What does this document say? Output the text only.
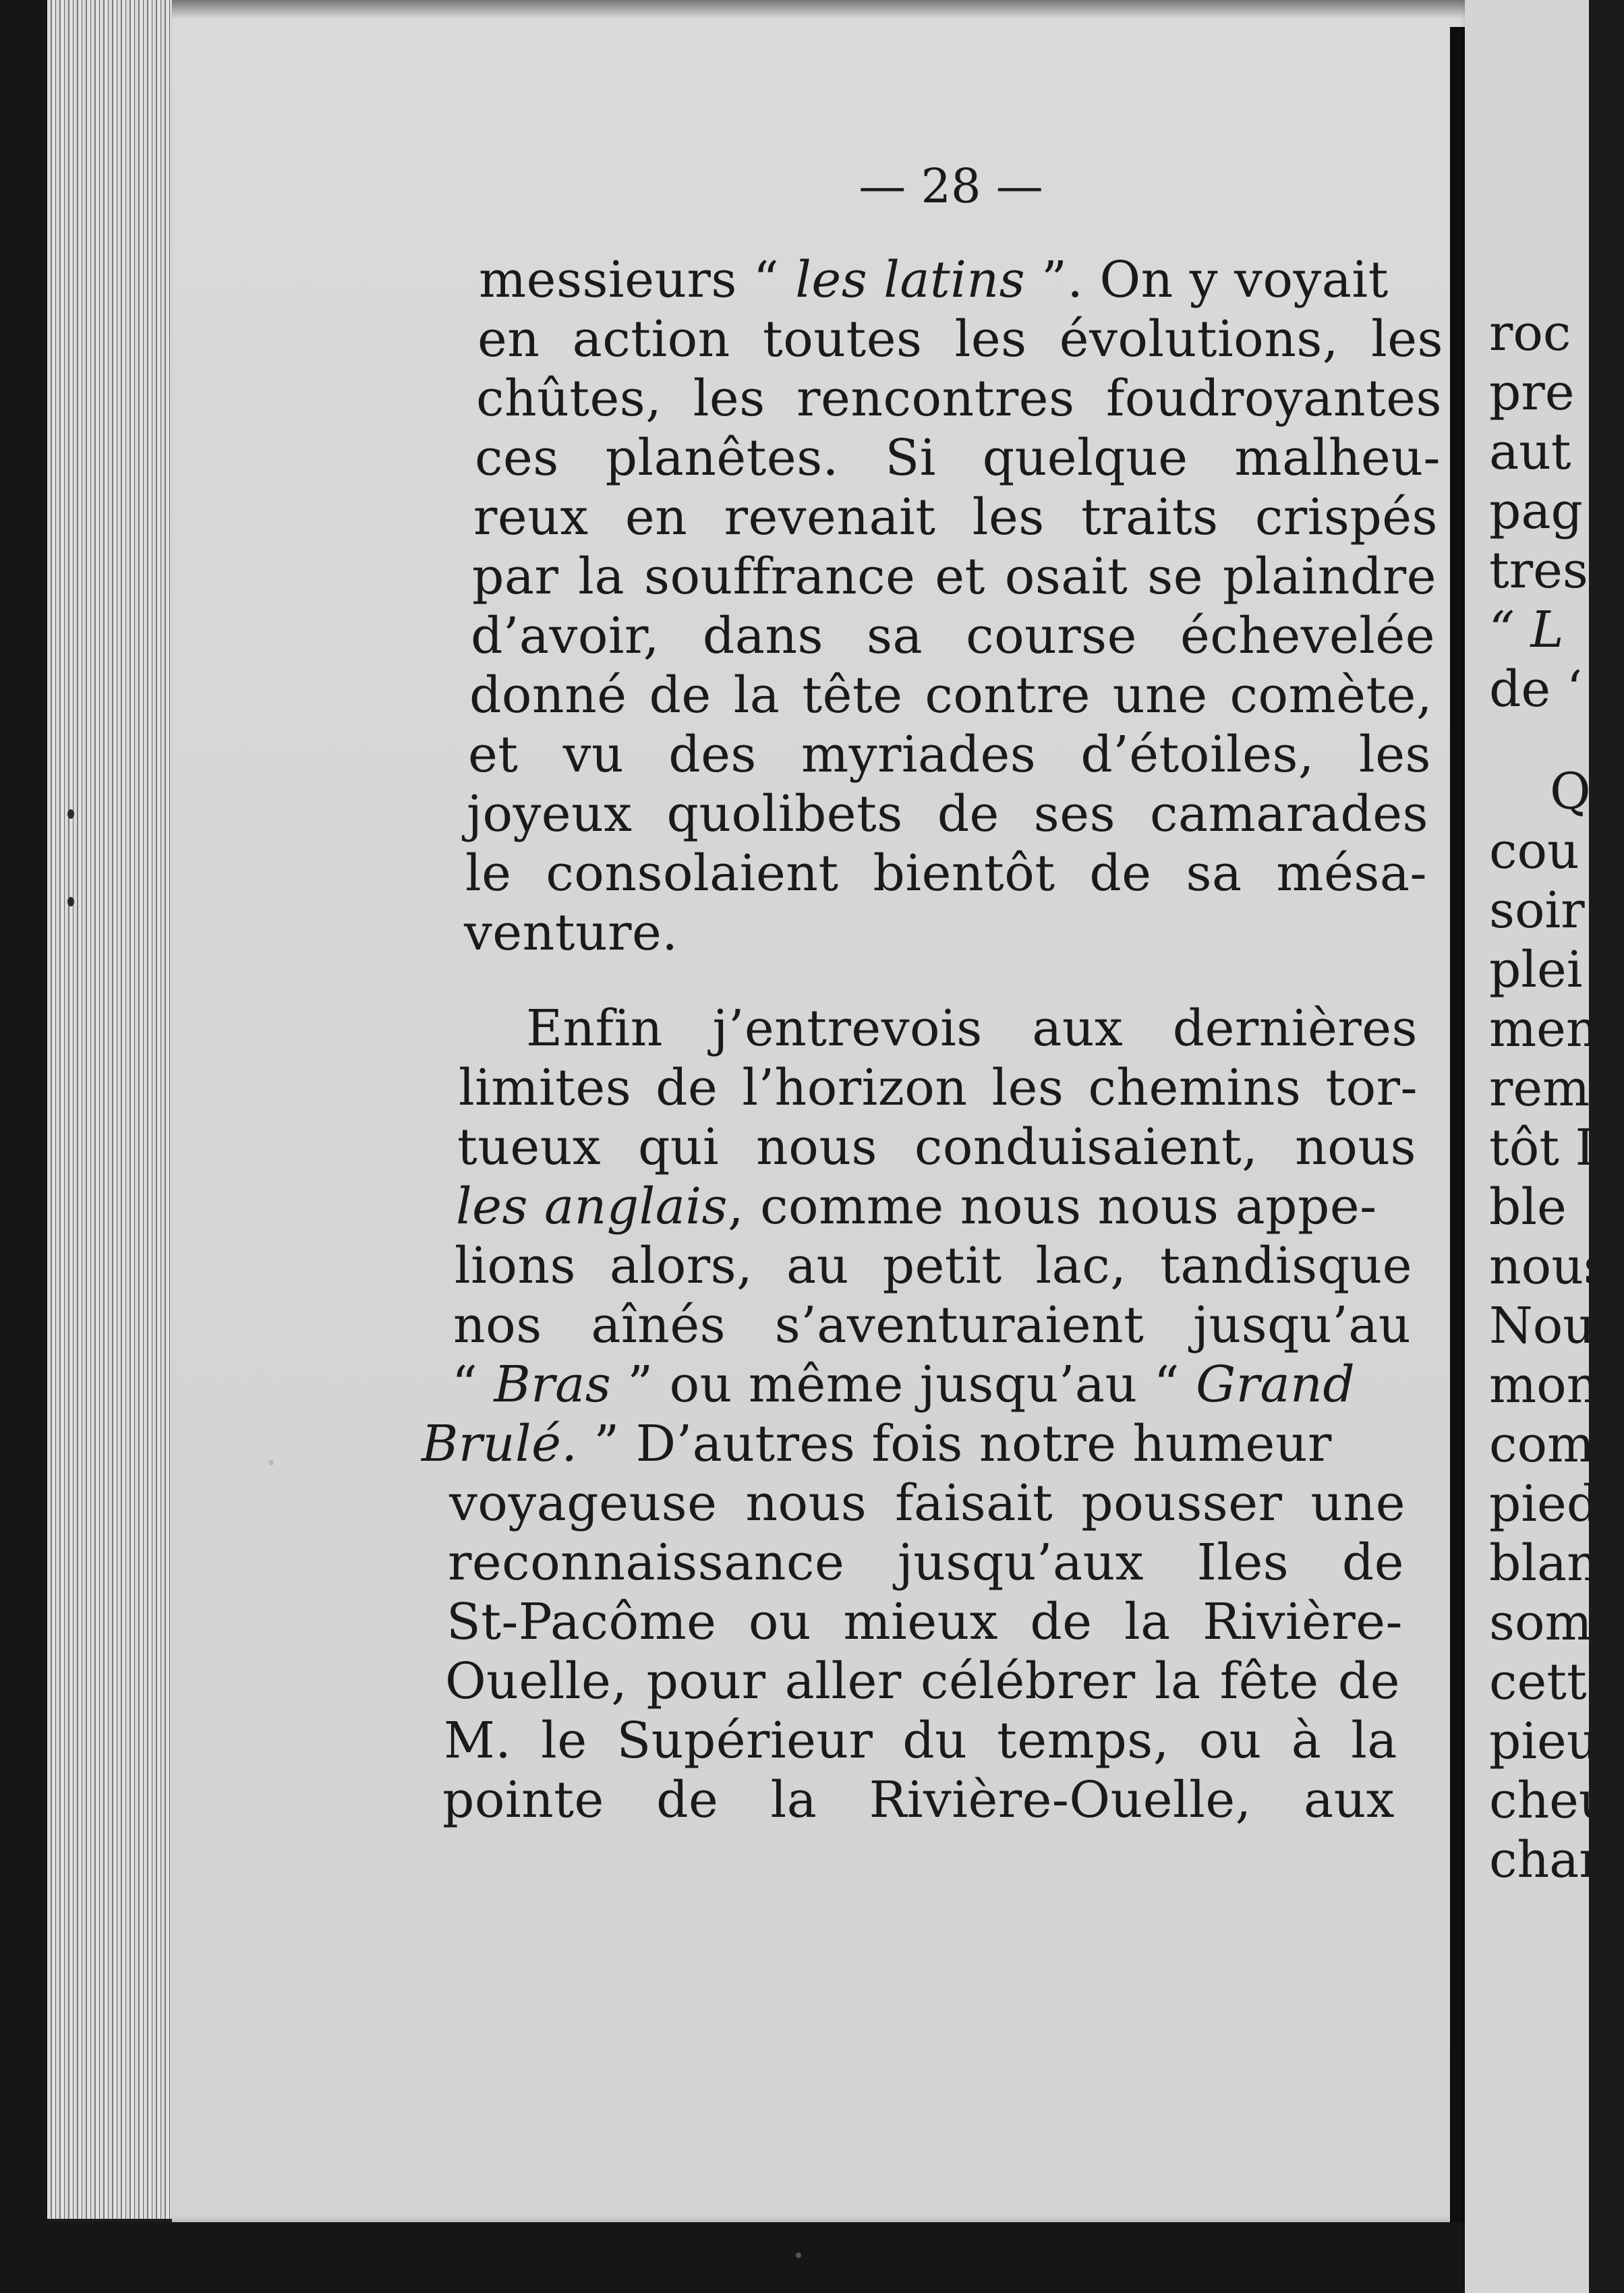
— 28 —
messieurs “ les latins ”. On y voyait
en action toutes les évolutions, les
chûtes, les rencontres foudroyantes
ces planêtes. Si quelque malheu-
reux en revenait les traits crispés
par la souffrance et osait se plaindre
d’avoir, dans sa course échevelée
donné de la tête contre une comète,
et vu des myriades d’étoiles, les
joyeux quolibets de ses camarades
le consolaient bientôt de sa mésa-
venture.
Enfin j’entrevois aux dernières
limites de l’horizon les chemins tor-
tueux qui nous conduisaient, nous
les anglais, comme nous nous appe-
lions alors, au petit lac, tandisque
nos aînés s’aventuraient jusqu’au
“ Bras ” ou même jusqu’au “ Grand
Brulé. ” D’autres fois notre humeur
voyageuse nous faisait pousser une
reconnaissance jusqu’aux Iles de
St-Pacôme ou mieux de la Rivière-
Ouelle, pour aller célébrer la fête de
M. le Supérieur du temps, ou à la
pointe de la Rivière-Ouelle, aux
roc
pre
aut
pag
tres
“ L
de ‘
Q
cou
soir
plei
men
rem
tôt I
ble
nous
Nou
mon
com
pied
blan
somb
cette
pieus
cheu
chan
